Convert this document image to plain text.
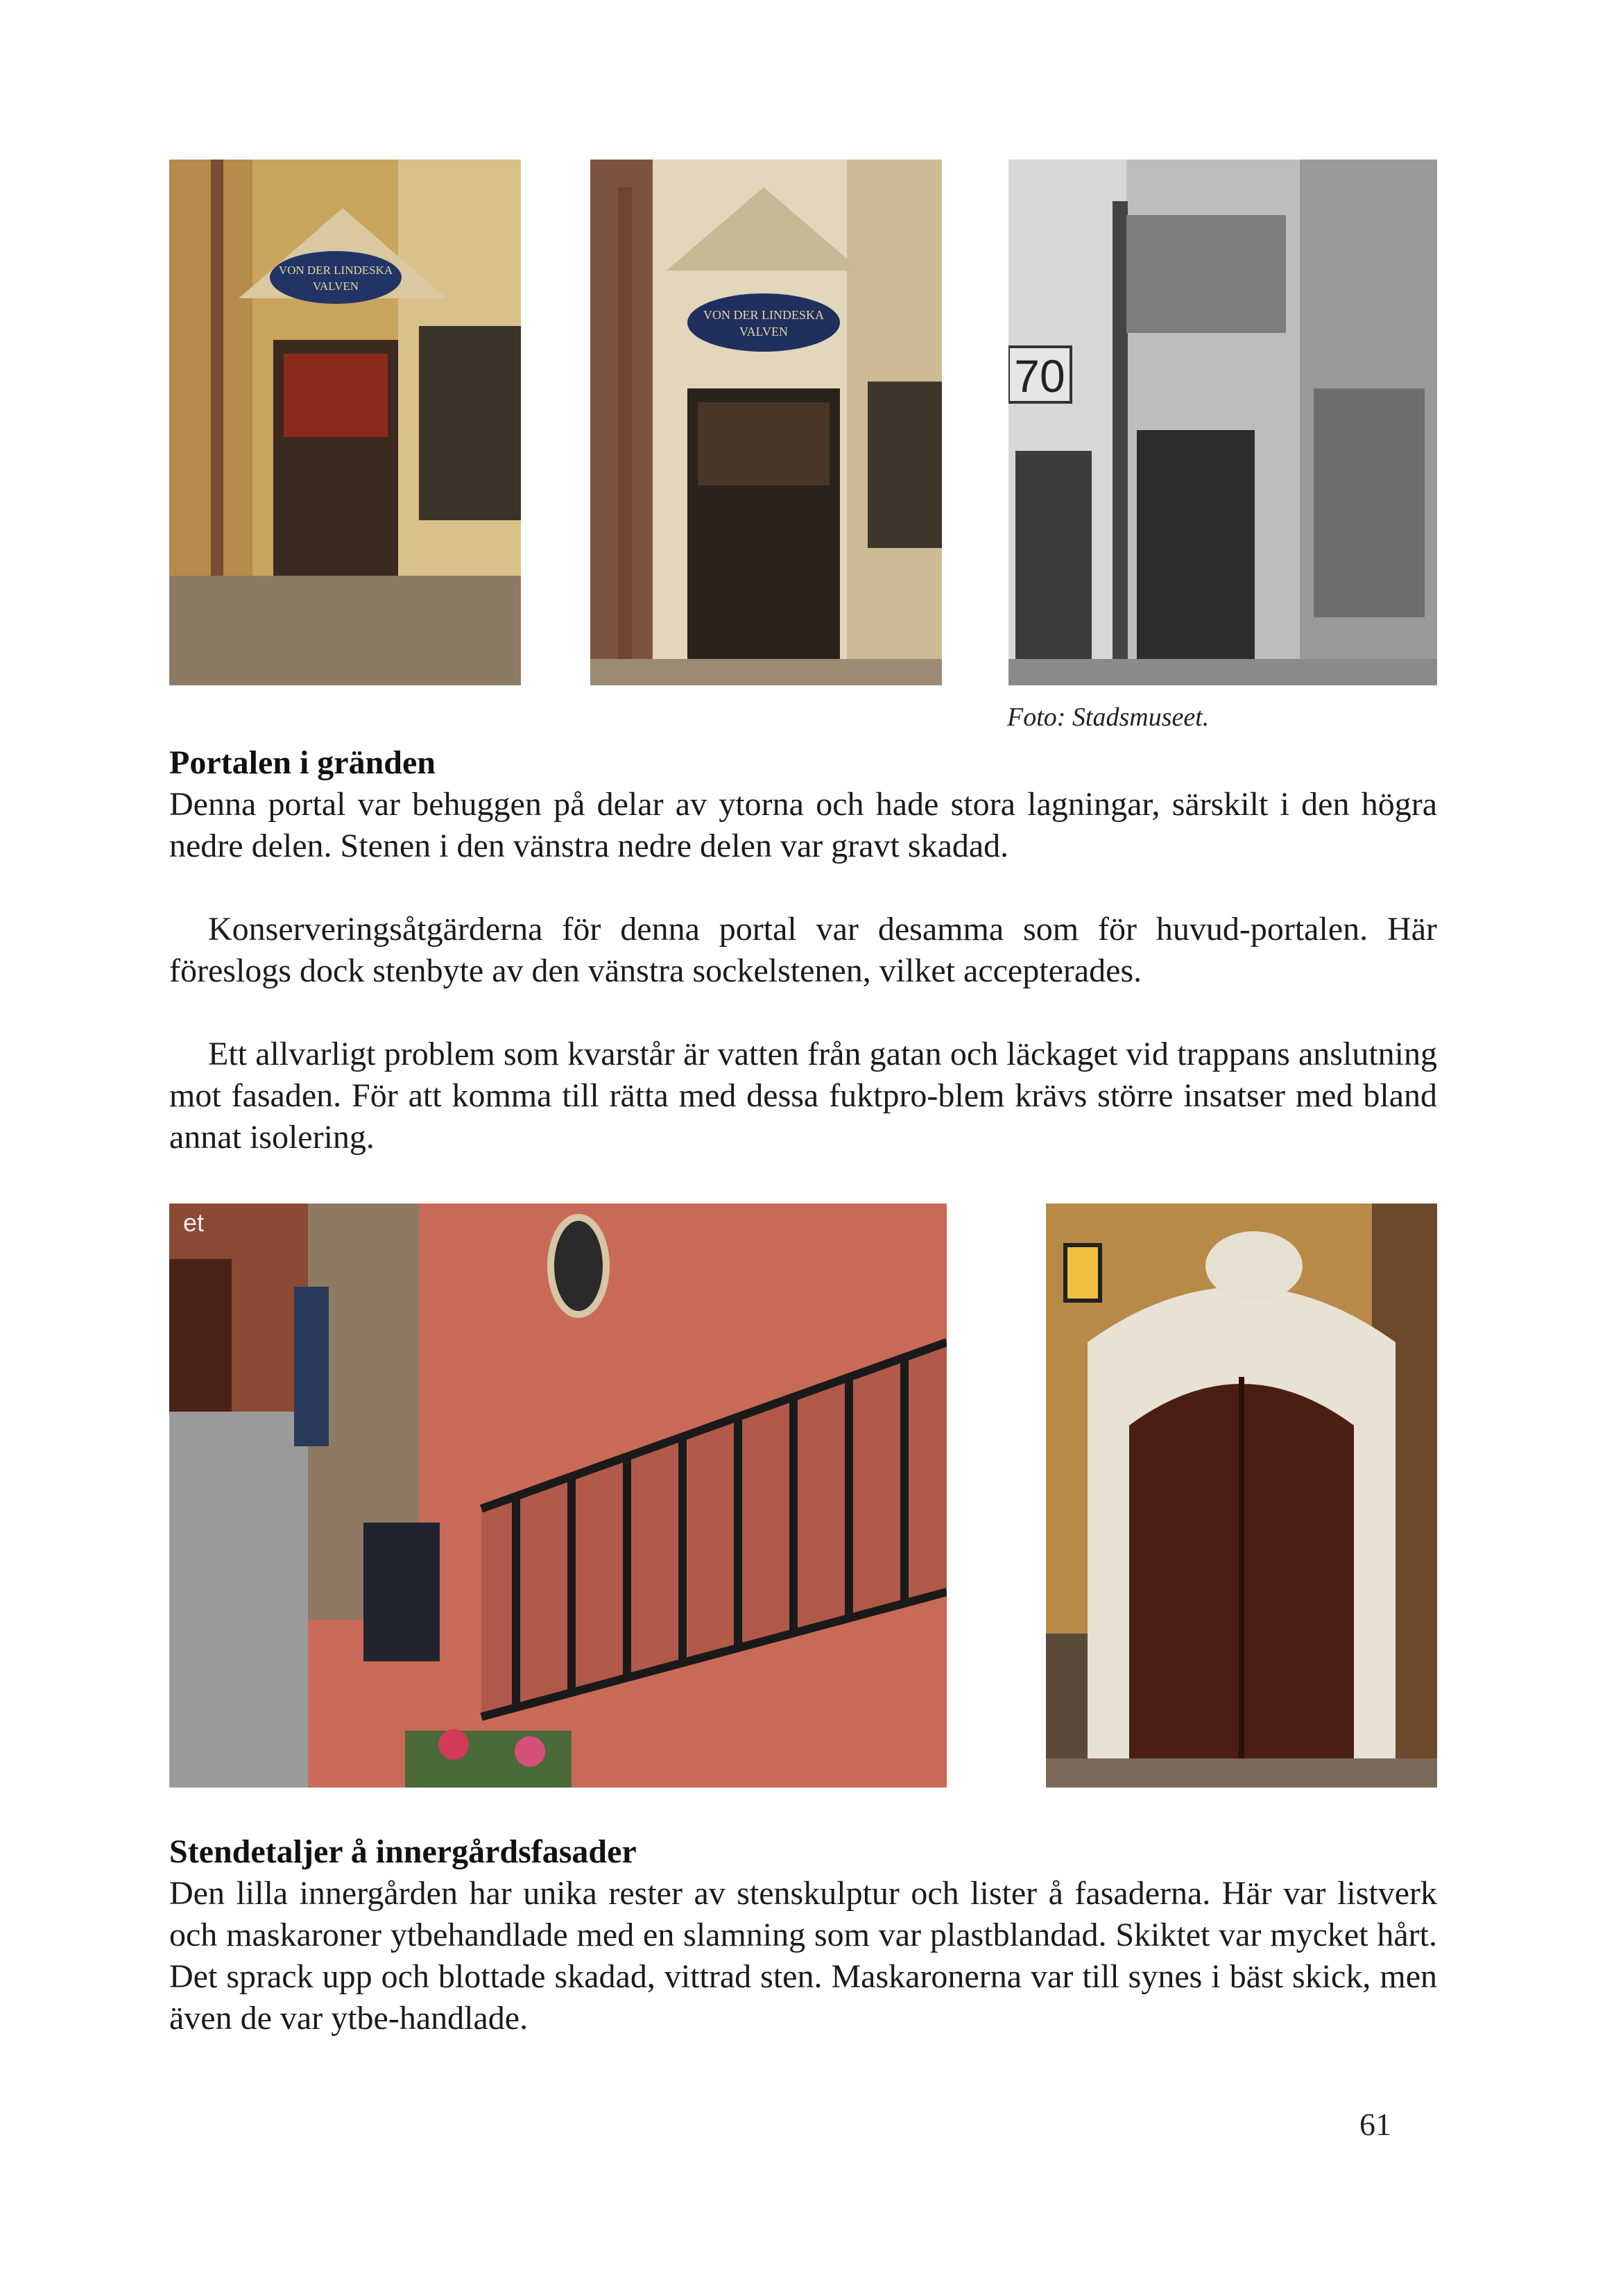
VON DER LINDESKA
VALVEN
VON DER LINDESKA
VALVEN
70
Foto: Stadsmuseet.
Portalen i gränden

Denna portal var behuggen på delar av ytorna och hade stora lagningar, särskilt i den högra nedre delen. Stenen i den vänstra nedre delen var gravt skadad.

Konserveringsåtgärderna för denna portal var desamma som för huvud-portalen. Här föreslogs dock stenbyte av den vänstra sockelstenen, vilket accepterades.

Ett allvarligt problem som kvarstår är vatten från gatan och läckaget vid trappans anslutning mot fasaden. För att komma till rätta med dessa fuktpro-blem krävs större insatser med bland annat isolering.

et
Stendetaljer å innergårdsfasader

Den lilla innergården har unika rester av stenskulptur och lister å fasaderna. Här var listverk och maskaroner ytbehandlade med en slamning som var plastblandad. Skiktet var mycket hårt. Det sprack upp och blottade skadad, vittrad sten. Maskaronerna var till synes i bäst skick, men även de var ytbe-handlade.

61
